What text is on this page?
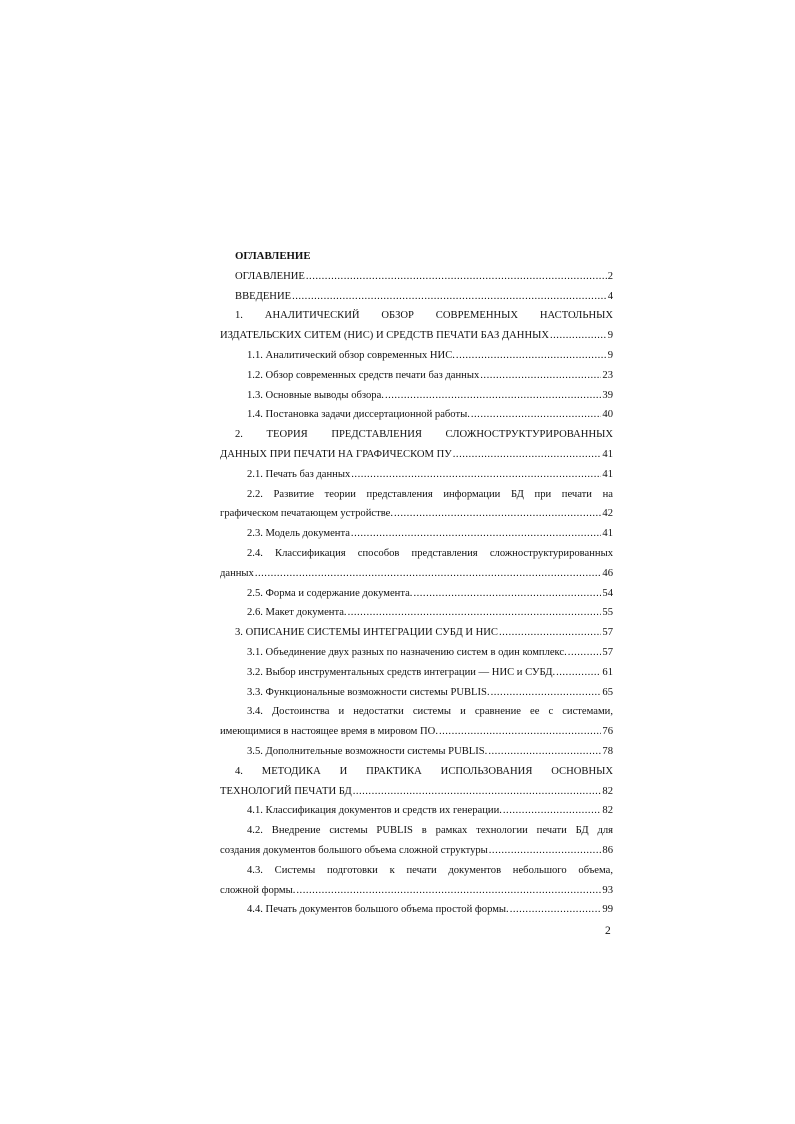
ОГЛАВЛЕНИЕ
ОГЛАВЛЕНИЕ .....	2
ВВЕДЕНИЕ .....	4
1. АНАЛИТИЧЕСКИЙ ОБЗОР СОВРЕМЕННЫХ НАСТОЛЬНЫХ
ИЗДАТЕЛЬСКИХ СИТЕМ (НИС) И СРЕДСТВ ПЕЧАТИ БАЗ ДАННЫХ .....	9
1.1. Аналитический обзор современных НИС. .....	9
1.2. Обзор современных средств печати баз данных .....	23
1.3. Основные выводы обзора. .....	39
1.4. Постановка задачи диссертационной работы. .....	40
2. ТЕОРИЯ ПРЕДСТАВЛЕНИЯ СЛОЖНОСТРУКТУРИРОВАННЫХ
ДАННЫХ ПРИ ПЕЧАТИ НА ГРАФИЧЕСКОМ ПУ .....	41
2.1. Печать баз данных .....	41
2.2. Развитие теории представления информации БД при печати на
графическом печатающем устройстве. .....	42
2.3. Модель документа .....	41
2.4. Классификация способов представления сложноструктурированных
данных .....	46
2.5. Форма и содержание документа. .....	54
2.6. Макет документа. .....	55
3. ОПИСАНИЕ СИСТЕМЫ ИНТЕГРАЦИИ СУБД И НИС .....	57
3.1. Объединение двух разных по назначению систем в один комплекс. .....	57
3.2. Выбор инструментальных средств интеграции — НИС и СУБД. .....	61
3.3. Функциональные возможности системы PUBLIS. .....	65
3.4. Достоинства и недостатки системы и сравнение ее с системами,
имеющимися в настоящее время в мировом ПО. .....	76
3.5. Дополнительные возможности системы PUBLIS. .....	78
4. МЕТОДИКА И ПРАКТИКА ИСПОЛЬЗОВАНИЯ ОСНОВНЫХ
ТЕХНОЛОГИЙ ПЕЧАТИ БД .....	82
4.1. Классификация документов и средств их генерации. .....	82
4.2. Внедрение системы PUBLIS в рамках технологии печати БД для
создания документов большого объема сложной структуры .....	86
4.3. Системы подготовки к печати документов небольшого объема,
сложной формы. .....	93
4.4. Печать документов большого объема простой формы. .....	99
2
